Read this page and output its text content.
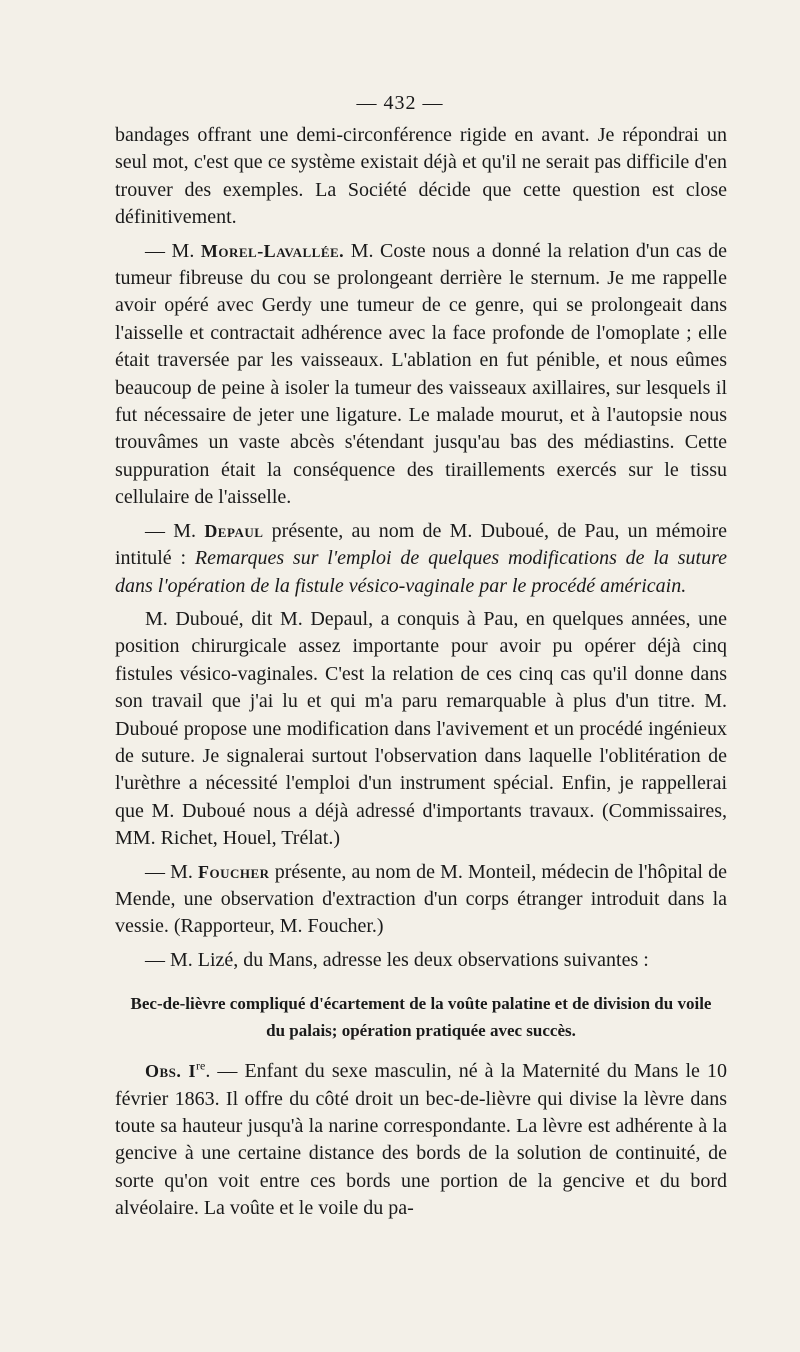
— 432 —

bandages offrant une demi-circonférence rigide en avant. Je répondrai un seul mot, c'est que ce système existait déjà et qu'il ne serait pas difficile d'en trouver des exemples. La Société décide que cette question est close définitivement.

— M. Morel-Lavallée. M. Coste nous a donné la relation d'un cas de tumeur fibreuse du cou se prolongeant derrière le sternum. Je me rappelle avoir opéré avec Gerdy une tumeur de ce genre, qui se prolongeait dans l'aisselle et contractait adhérence avec la face profonde de l'omoplate ; elle était traversée par les vaisseaux. L'ablation en fut pénible, et nous eûmes beaucoup de peine à isoler la tumeur des vaisseaux axillaires, sur lesquels il fut nécessaire de jeter une ligature. Le malade mourut, et à l'autopsie nous trouvâmes un vaste abcès s'étendant jusqu'au bas des médiastins. Cette suppuration était la conséquence des tiraillements exercés sur le tissu cellulaire de l'aisselle.

— M. Depaul présente, au nom de M. Duboué, de Pau, un mémoire intitulé : Remarques sur l'emploi de quelques modifications de la suture dans l'opération de la fistule vésico-vaginale par le procédé américain.

M. Duboué, dit M. Depaul, a conquis à Pau, en quelques années, une position chirurgicale assez importante pour avoir pu opérer déjà cinq fistules vésico-vaginales. C'est la relation de ces cinq cas qu'il donne dans son travail que j'ai lu et qui m'a paru remarquable à plus d'un titre. M. Duboué propose une modification dans l'avivement et un procédé ingénieux de suture. Je signalerai surtout l'observation dans laquelle l'oblitération de l'urèthre a nécessité l'emploi d'un instrument spécial. Enfin, je rappellerai que M. Duboué nous a déjà adressé d'importants travaux. (Commissaires, MM. Richet, Houel, Trélat.)

— M. Foucher présente, au nom de M. Monteil, médecin de l'hôpital de Mende, une observation d'extraction d'un corps étranger introduit dans la vessie. (Rapporteur, M. Foucher.)

— M. Lizé, du Mans, adresse les deux observations suivantes :

Bec-de-lièvre compliqué d'écartement de la voûte palatine et de division du voile du palais; opération pratiquée avec succès.

Obs. Ire. — Enfant du sexe masculin, né à la Maternité du Mans le 10 février 1863. Il offre du côté droit un bec-de-lièvre qui divise la lèvre dans toute sa hauteur jusqu'à la narine correspondante. La lèvre est adhérente à la gencive à une certaine distance des bords de la solution de continuité, de sorte qu'on voit entre ces bords une portion de la gencive et du bord alvéolaire. La voûte et le voile du pa-
